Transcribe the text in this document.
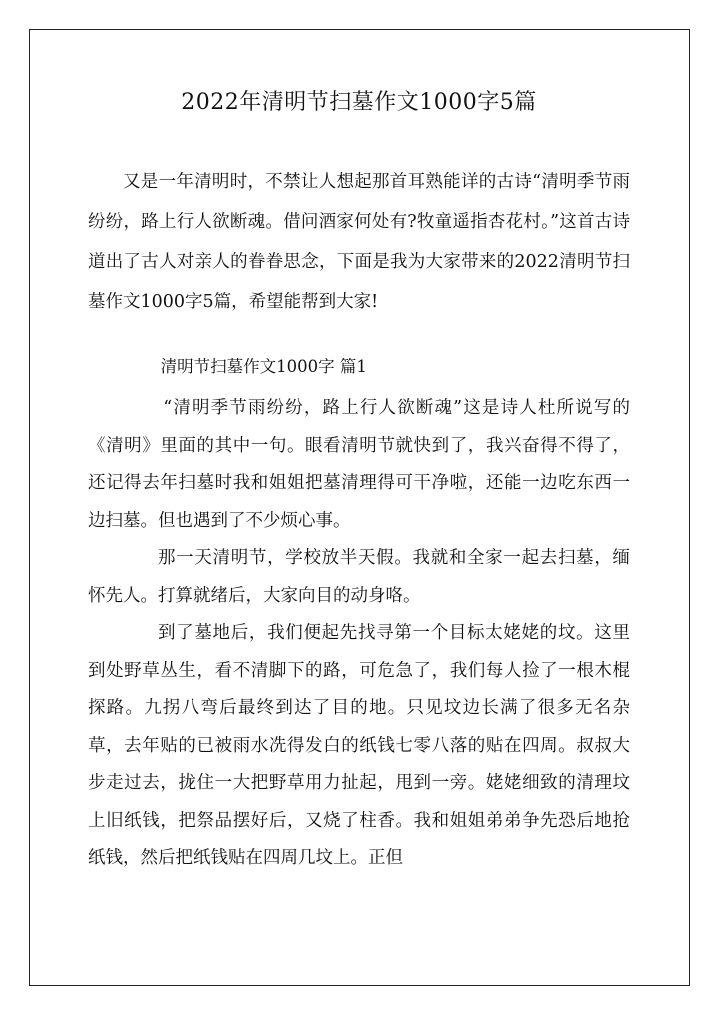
2022年清明节扫墓作文1000字5篇
又是一年清明时，不禁让人想起那首耳熟能详的古诗“清明季节雨纷纷，路上行人欲断魂。借问酒家何处有?牧童遥指杏花村。”这首古诗道出了古人对亲人的眷眷思念，下面是我为大家带来的2022清明节扫墓作文1000字5篇，希望能帮到大家!
清明节扫墓作文1000字 篇1

“清明季节雨纷纷，路上行人欲断魂”这是诗人杜所说写的《清明》里面的其中一句。眼看清明节就快到了，我兴奋得不得了，还记得去年扫墓时我和姐姐把墓清理得可干净啦，还能一边吃东西一边扫墓。但也遇到了不少烦心事。

那一天清明节，学校放半天假。我就和全家一起去扫墓，缅怀先人。打算就绪后，大家向目的动身咯。

到了墓地后，我们便起先找寻第一个目标太姥姥的坟。这里到处野草丛生，看不清脚下的路，可危急了，我们每人捡了一根木棍探路。九拐八弯后最终到达了目的地。只见坟边长满了很多无名杂草，去年贴的已被雨水冼得发白的纸钱七零八落的贴在四周。叔叔大步走过去，拢住一大把野草用力扯起，甩到一旁。姥姥细致的清理坟上旧纸钱，把祭品摆好后，又烧了柱香。我和姐姐弟弟争先恐后地抢纸钱，然后把纸钱贴在四周几坟上。正但
